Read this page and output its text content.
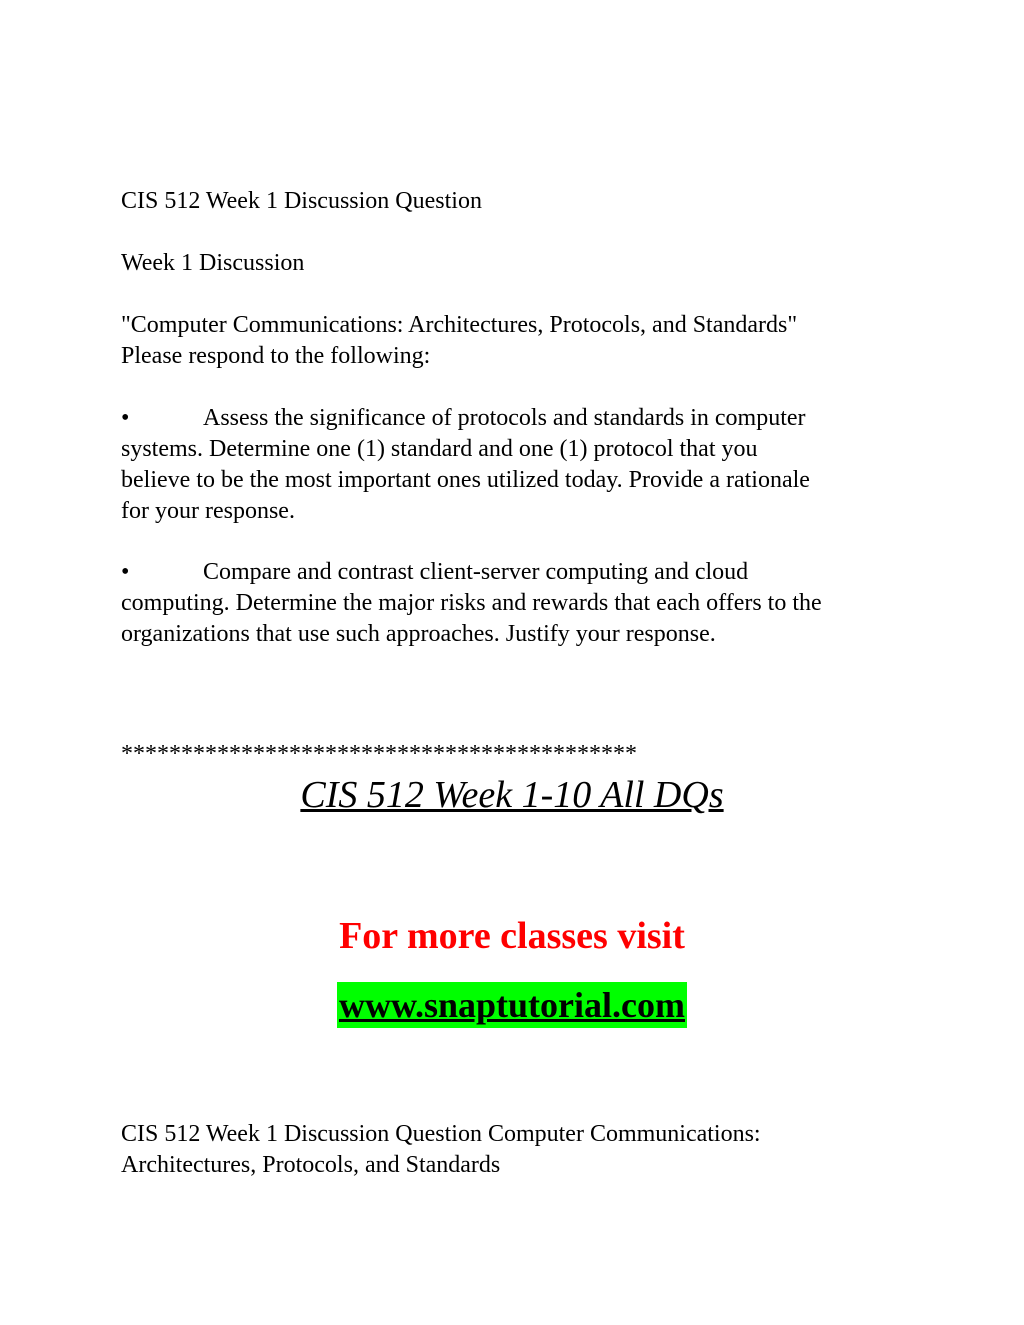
CIS 512 Week 1 Discussion Question
Week 1 Discussion
"Computer Communications: Architectures, Protocols, and Standards"
Please respond to the following:
•	Assess the significance of protocols and standards in computer
systems. Determine one (1) standard and one (1) protocol that you
believe to be the most important ones utilized today. Provide a rationale
for your response.
•	Compare and contrast client-server computing and cloud
computing. Determine the major risks and rewards that each offers to the
organizations that use such approaches. Justify your response.
*******************************************
CIS 512 Week 1-10 All DQs
For more classes visit
www.snaptutorial.com
CIS 512 Week 1 Discussion Question Computer Communications:
Architectures, Protocols, and Standards
